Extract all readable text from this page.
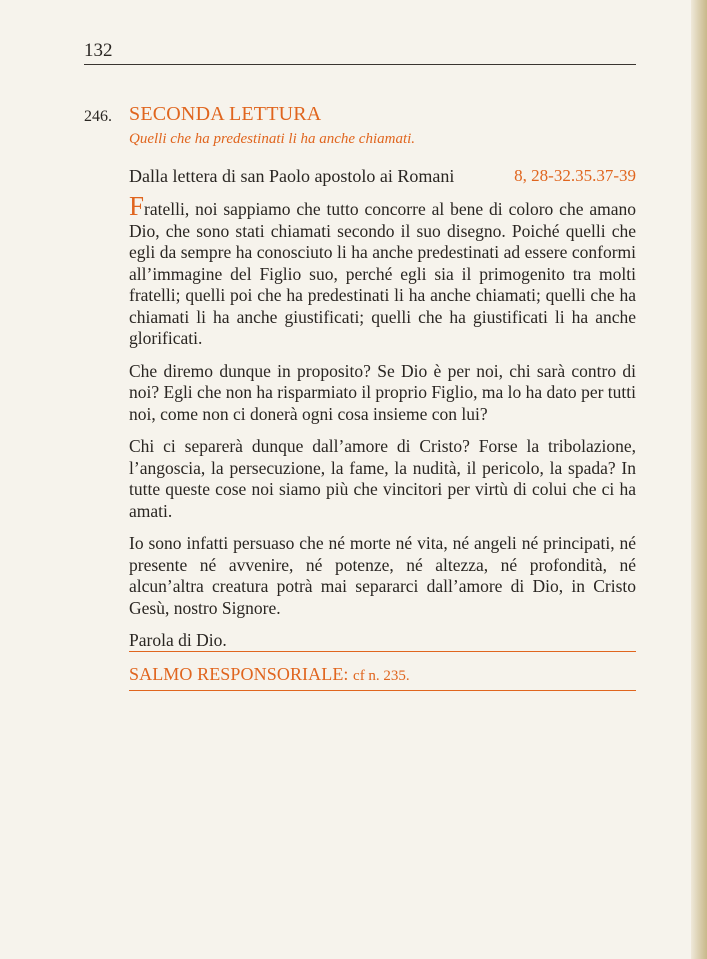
132
246. SECONDA LETTURA
Quelli che ha predestinati li ha anche chiamati.
Dalla lettera di san Paolo apostolo ai Romani	8, 28-32.35.37-39

Fratelli, noi sappiamo che tutto concorre al bene di coloro che amano Dio, che sono stati chiamati secondo il suo disegno. Poiché quelli che egli da sempre ha conosciuto li ha anche predestinati ad essere conformi all’immagine del Figlio suo, perché egli sia il primogenito tra molti fratelli; quelli poi che ha predestinati li ha anche chiamati; quelli che ha chiamati li ha anche giustificati; quelli che ha giustificati li ha anche glorificati.

Che diremo dunque in proposito? Se Dio è per noi, chi sarà contro di noi? Egli che non ha risparmiato il proprio Figlio, ma lo ha dato per tutti noi, come non ci donerà ogni cosa insieme con lui?

Chi ci separerà dunque dall’amore di Cristo? Forse la tribolazione, l’angoscia, la persecuzione, la fame, la nudità, il pericolo, la spada? In tutte queste cose noi siamo più che vincitori per virtù di colui che ci ha amati.

Io sono infatti persuaso che né morte né vita, né angeli né principati, né presente né avvenire, né potenze, né altezza, né profondità, né alcun’altra creatura potrà mai separarci dall’amore di Dio, in Cristo Gesù, nostro Signore.

Parola di Dio.

SALMO RESPONSORIALE: cf n. 235.
